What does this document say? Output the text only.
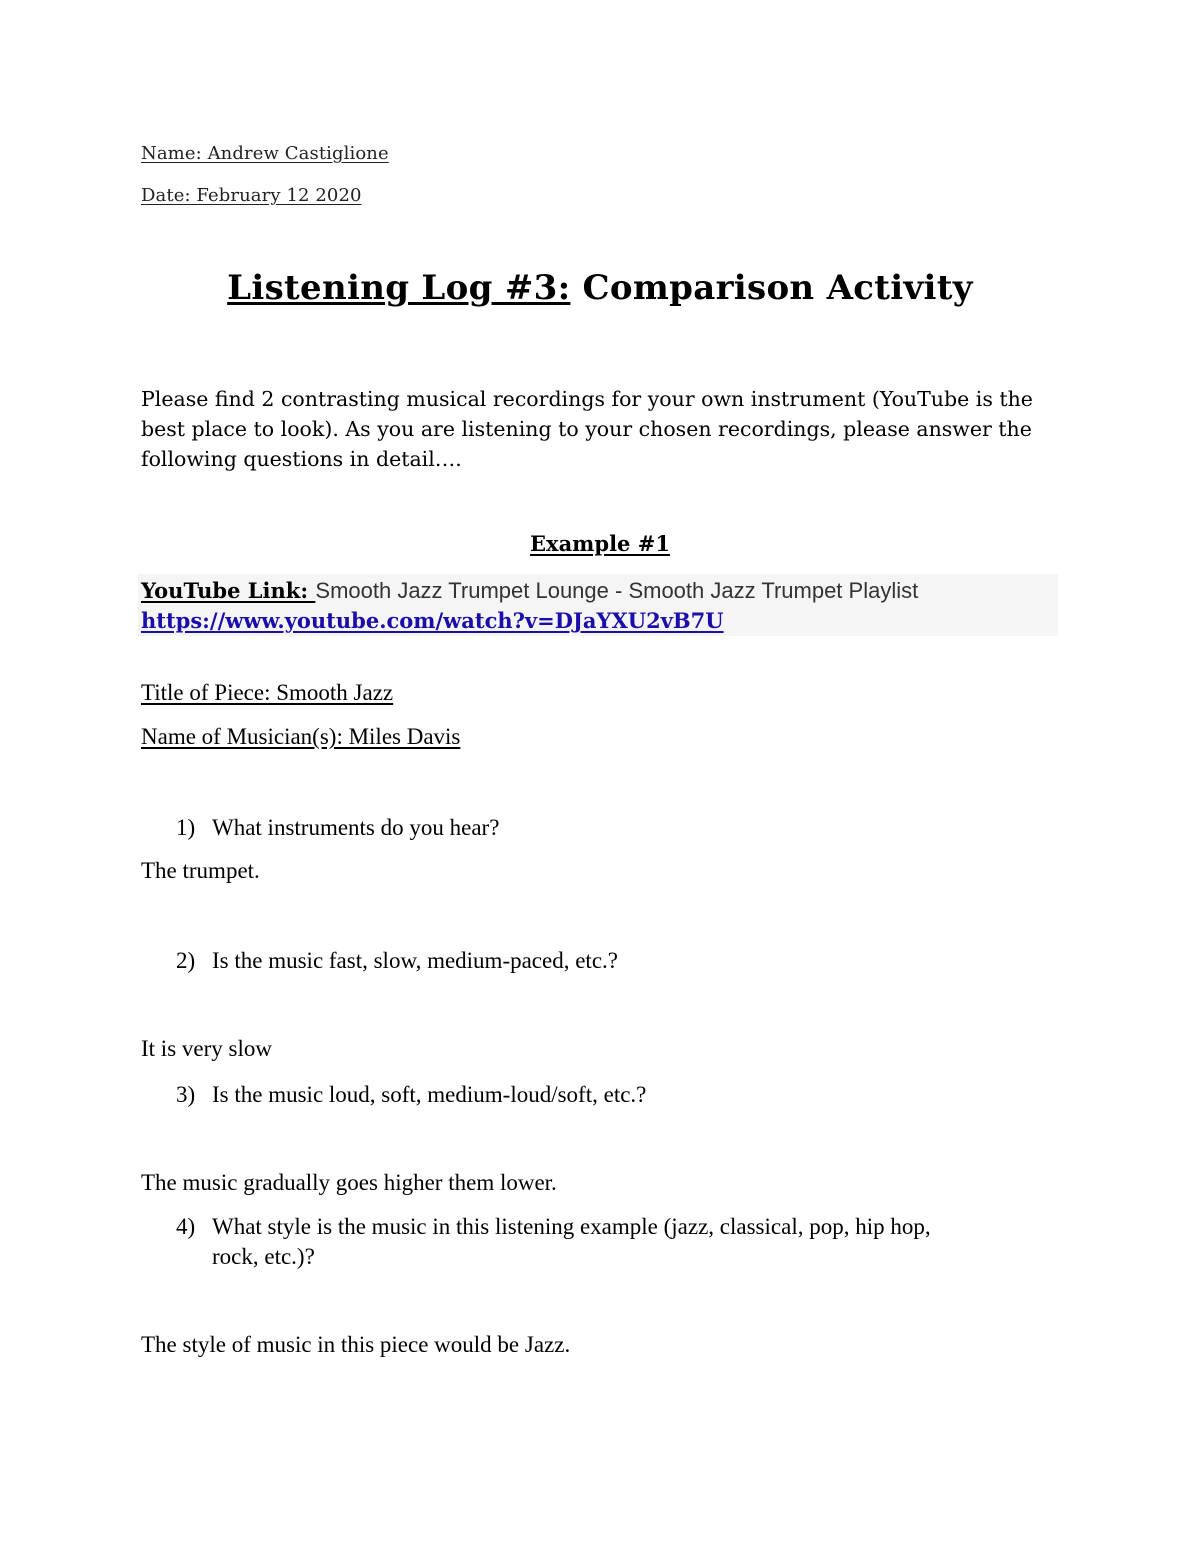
Name: Andrew Castiglione
Date: February 12 2020
Listening Log #3: Comparison Activity
Please find 2 contrasting musical recordings for your own instrument (YouTube is the best place to look). As you are listening to your chosen recordings, please answer the following questions in detail….
Example #1
YouTube Link: Smooth Jazz Trumpet Lounge - Smooth Jazz Trumpet Playlist
https://www.youtube.com/watch?v=DJaYXU2vB7U
Title of Piece: Smooth Jazz
Name of Musician(s): Miles Davis
1) What instruments do you hear?
The trumpet.
2) Is the music fast, slow, medium-paced, etc.?
It is very slow
3) Is the music loud, soft, medium-loud/soft, etc.?
The music gradually goes higher them lower.
4) What style is the music in this listening example (jazz, classical, pop, hip hop,
rock, etc.)?
The style of music in this piece would be Jazz.
